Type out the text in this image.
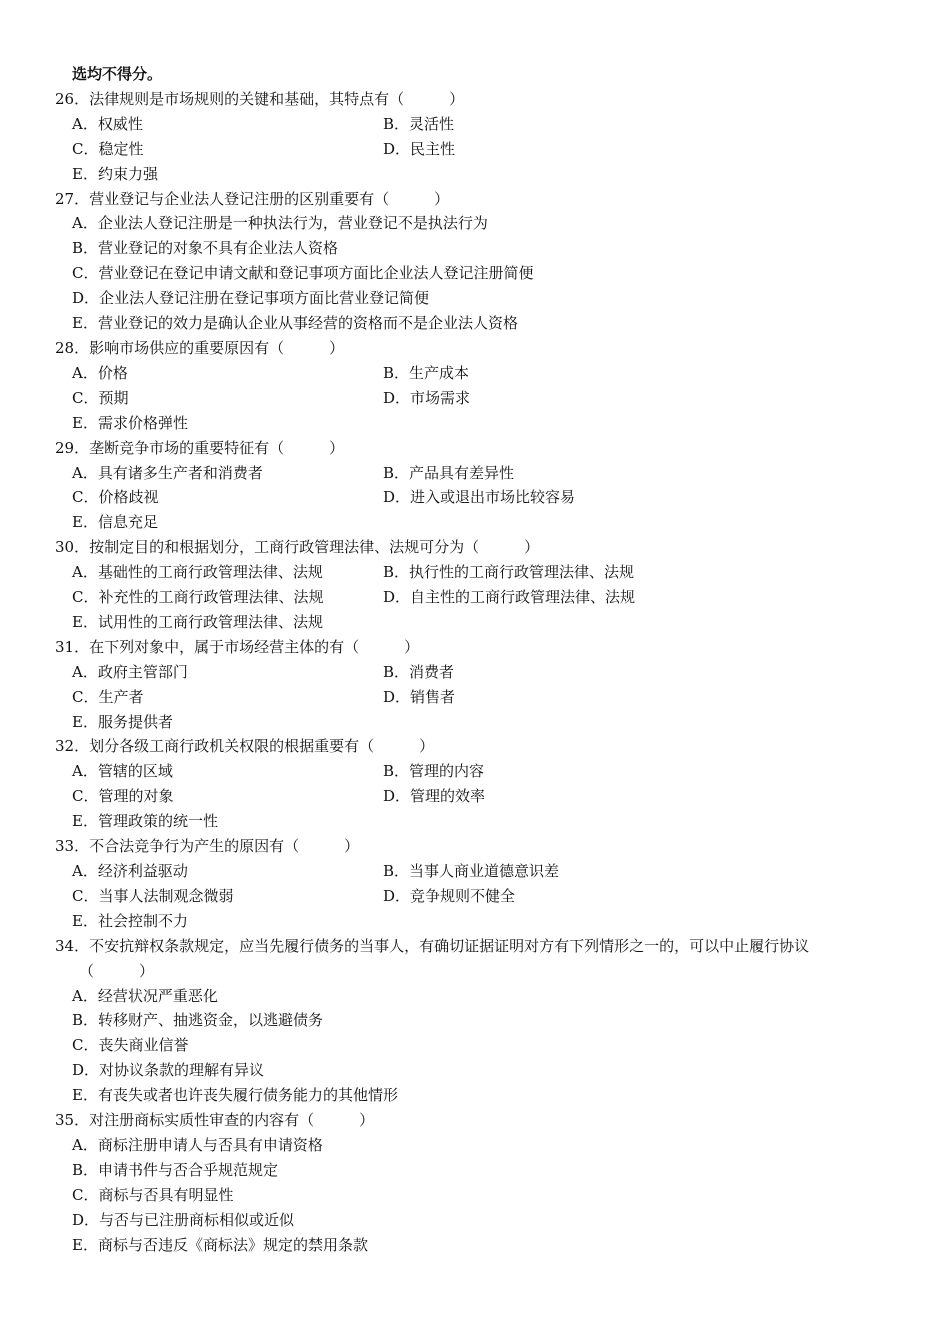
选均不得分。
26．法律规则是市场规则的关键和基础，其特点有（　　　）
A．权威性	B．灵活性
C．稳定性	D．民主性
E．约束力强
27．营业登记与企业法人登记注册的区别重要有（　　　）
A．企业法人登记注册是一种执法行为，营业登记不是执法行为
B．营业登记的对象不具有企业法人资格
C．营业登记在登记申请文献和登记事项方面比企业法人登记注册简便
D．企业法人登记注册在登记事项方面比营业登记简便
E．营业登记的效力是确认企业从事经营的资格而不是企业法人资格
28．影响市场供应的重要原因有（　　　）
A．价格	B．生产成本
C．预期	D．市场需求
E．需求价格弹性
29．垄断竞争市场的重要特征有（　　　）
A．具有诸多生产者和消费者	B．产品具有差异性
C．价格歧视	D．进入或退出市场比较容易
E．信息充足
30．按制定目的和根据划分，工商行政管理法律、法规可分为（　　　）
A．基础性的工商行政管理法律、法规	B．执行性的工商行政管理法律、法规
C．补充性的工商行政管理法律、法规	D．自主性的工商行政管理法律、法规
E．试用性的工商行政管理法律、法规
31．在下列对象中，属于市场经营主体的有（　　　）
A．政府主管部门	B．消费者
C．生产者	D．销售者
E．服务提供者
32．划分各级工商行政机关权限的根据重要有（　　　）
A．管辖的区域	B．管理的内容
C．管理的对象	D．管理的效率
E．管理政策的统一性
33．不合法竞争行为产生的原因有（　　　）
A．经济利益驱动	B．当事人商业道德意识差
C．当事人法制观念微弱	D．竞争规则不健全
E．社会控制不力
34．不安抗辩权条款规定，应当先履行债务的当事人，有确切证据证明对方有下列情形之一的，可以中止履行协议
（　　　）
A．经营状况严重恶化
B．转移财产、抽逃资金，以逃避债务
C．丧失商业信誉
D．对协议条款的理解有异议
E．有丧失或者也许丧失履行债务能力的其他情形
35．对注册商标实质性审查的内容有（　　　）
A．商标注册申请人与否具有申请资格
B．申请书件与否合乎规范规定
C．商标与否具有明显性
D．与否与已注册商标相似或近似
E．商标与否违反《商标法》规定的禁用条款
